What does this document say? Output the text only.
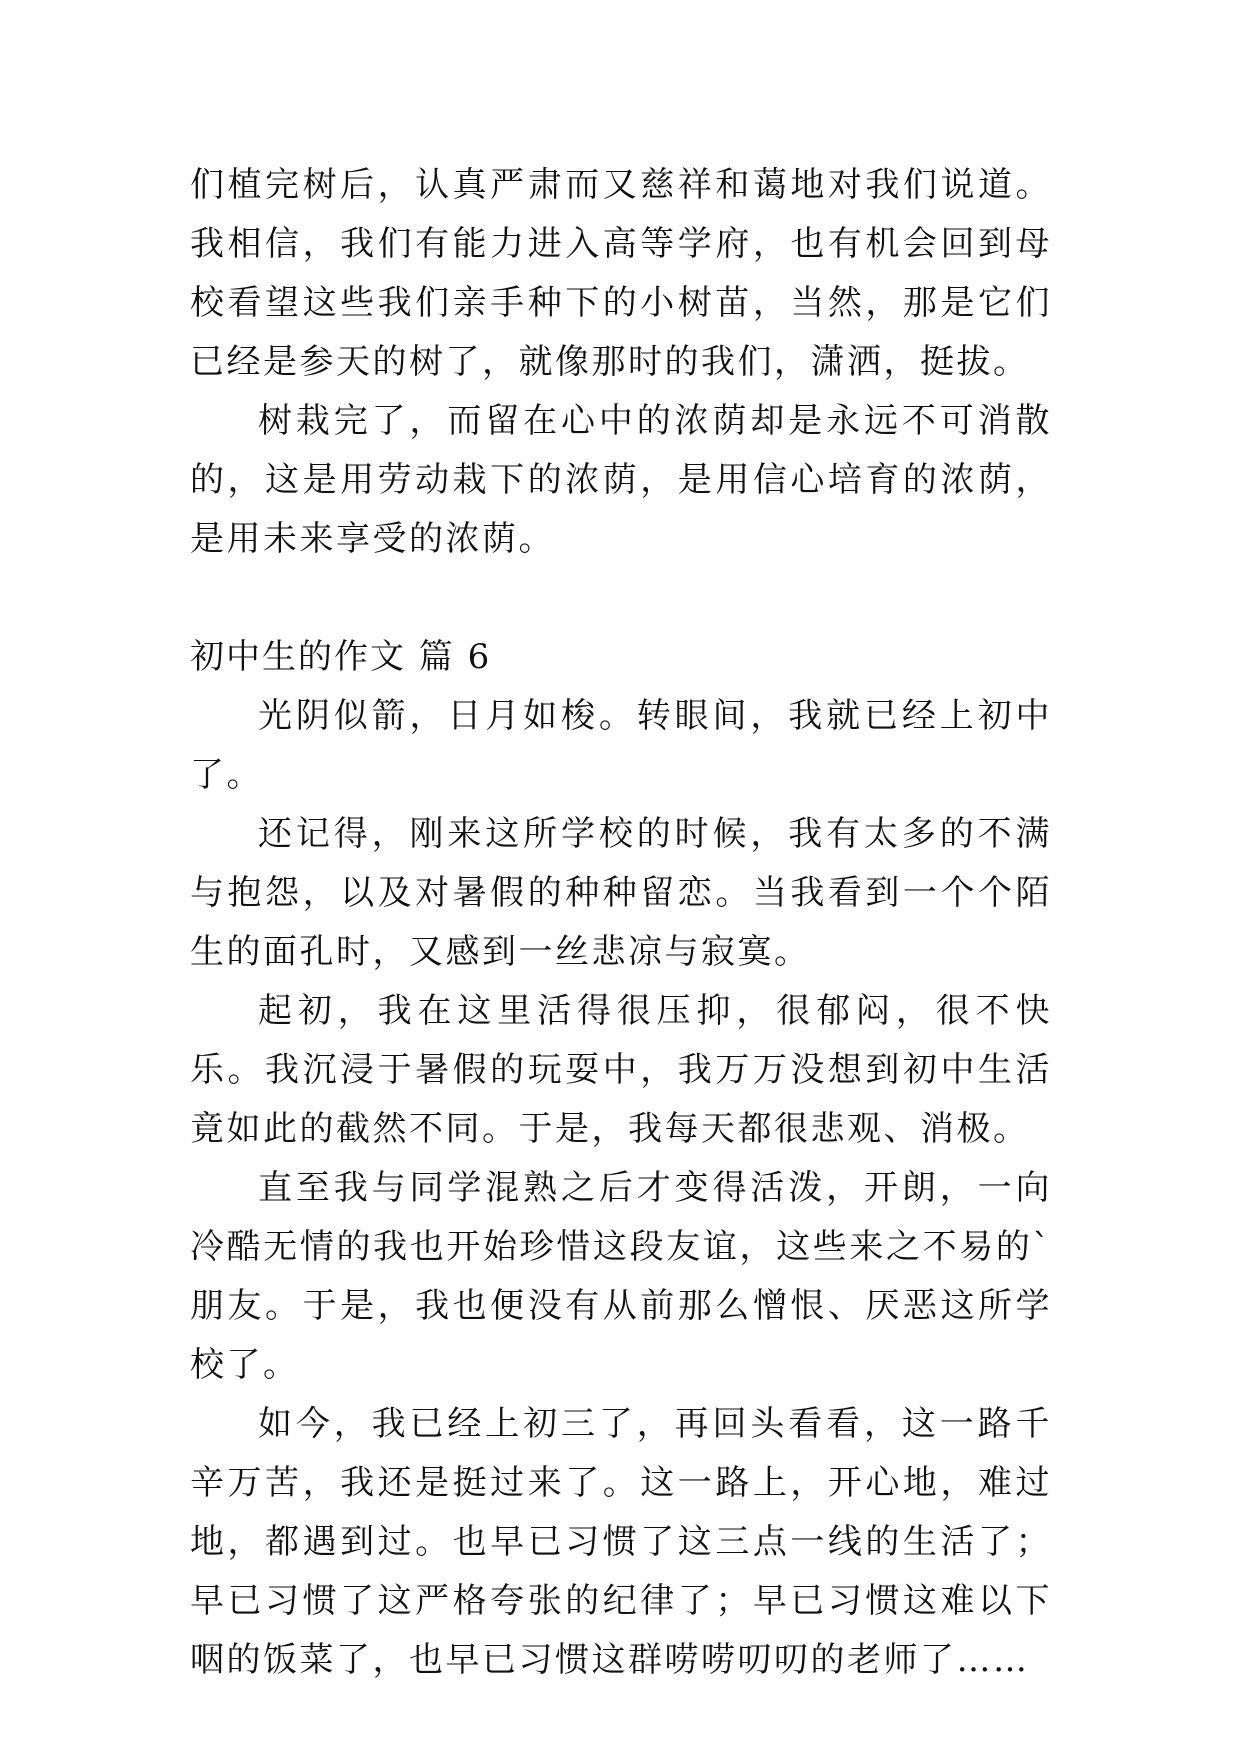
们植完树后，认真严肃而又慈祥和蔼地对我们说道。我相信，我们有能力进入高等学府，也有机会回到母校看望这些我们亲手种下的小树苗，当然，那是它们已经是参天的树了，就像那时的我们，潇洒，挺拔。

树栽完了，而留在心中的浓荫却是永远不可消散的，这是用劳动栽下的浓荫，是用信心培育的浓荫，是用未来享受的浓荫。

初中生的作文 篇 6

光阴似箭，日月如梭。转眼间，我就已经上初中了。

还记得，刚来这所学校的时候，我有太多的不满与抱怨，以及对暑假的种种留恋。当我看到一个个陌生的面孔时，又感到一丝悲凉与寂寞。

起初，我在这里活得很压抑，很郁闷，很不快乐。我沉浸于暑假的玩耍中，我万万没想到初中生活竟如此的截然不同。于是，我每天都很悲观、消极。

直至我与同学混熟之后才变得活泼，开朗，一向冷酷无情的我也开始珍惜这段友谊，这些来之不易的`朋友。于是，我也便没有从前那么憎恨、厌恶这所学校了。

如今，我已经上初三了，再回头看看，这一路千辛万苦，我还是挺过来了。这一路上，开心地，难过地，都遇到过。也早已习惯了这三点一线的生活了；早已习惯了这严格夸张的纪律了；早已习惯这难以下咽的饭菜了，也早已习惯这群唠唠叨叨的老师了……
